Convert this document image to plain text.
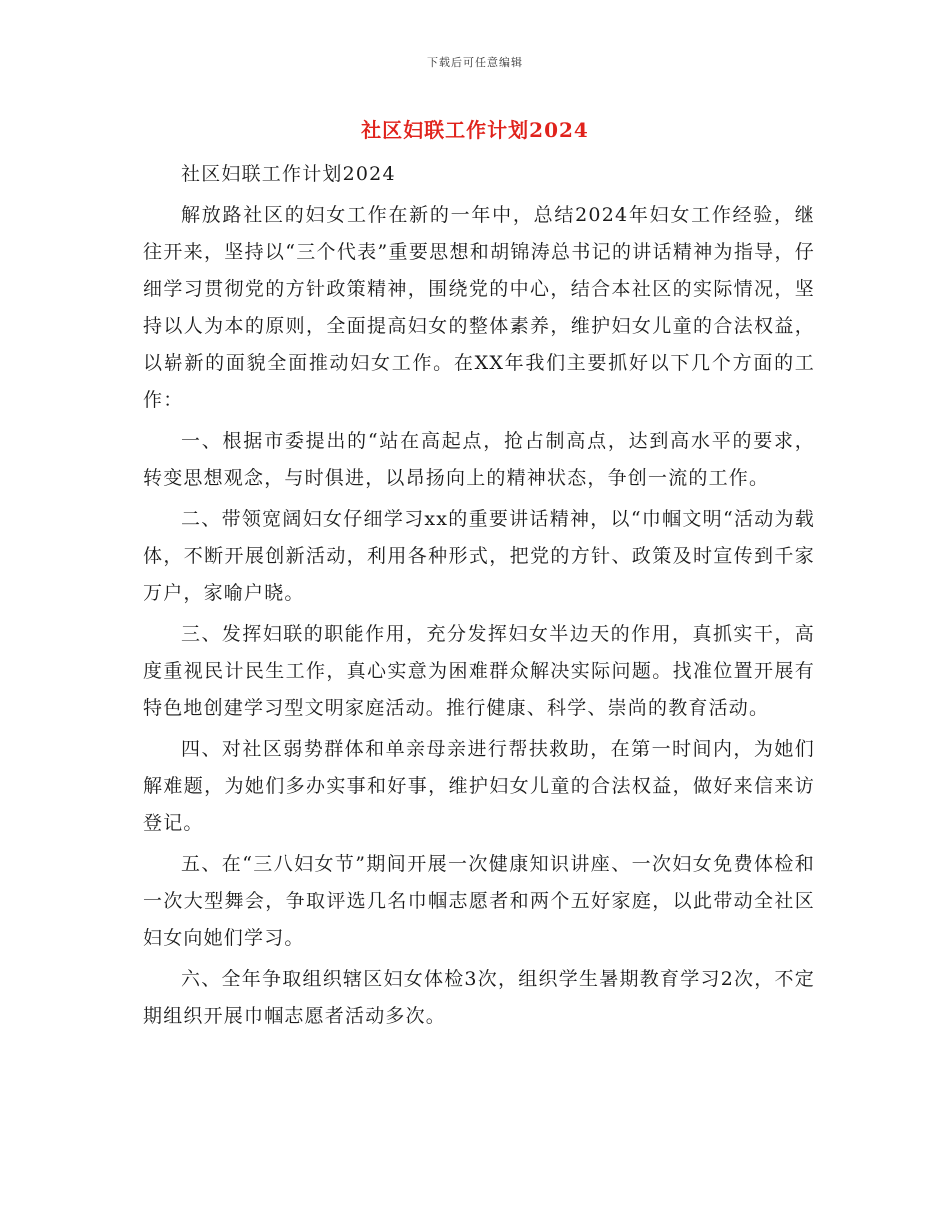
下载后可任意编辑
社区妇联工作计划2024

社区妇联工作计划2024

解放路社区的妇女工作在新的一年中，总结2024年妇女工作经验，继往开来，坚持以“三个代表”重要思想和胡锦涛总书记的讲话精神为指导，仔细学习贯彻党的方针政策精神，围绕党的中心，结合本社区的实际情况，坚持以人为本的原则，全面提高妇女的整体素养，维护妇女儿童的合法权益，以崭新的面貌全面推动妇女工作。在XX年我们主要抓好以下几个方面的工作：

一、根据市委提出的“站在高起点，抢占制高点，达到高水平的要求，转变思想观念，与时俱进，以昂扬向上的精神状态，争创一流的工作。

二、带领宽阔妇女仔细学习xx的重要讲话精神，以“巾帼文明“活动为载体，不断开展创新活动，利用各种形式，把党的方针、政策及时宣传到千家万户，家喻户晓。

三、发挥妇联的职能作用，充分发挥妇女半边天的作用，真抓实干，高度重视民计民生工作，真心实意为困难群众解决实际问题。找准位置开展有特色地创建学习型文明家庭活动。推行健康、科学、崇尚的教育活动。

四、对社区弱势群体和单亲母亲进行帮扶救助，在第一时间内，为她们解难题，为她们多办实事和好事，维护妇女儿童的合法权益，做好来信来访登记。

五、在“三八妇女节”期间开展一次健康知识讲座、一次妇女免费体检和一次大型舞会，争取评选几名巾帼志愿者和两个五好家庭，以此带动全社区妇女向她们学习。

六、全年争取组织辖区妇女体检3次，组织学生暑期教育学习2次，不定期组织开展巾帼志愿者活动多次。
